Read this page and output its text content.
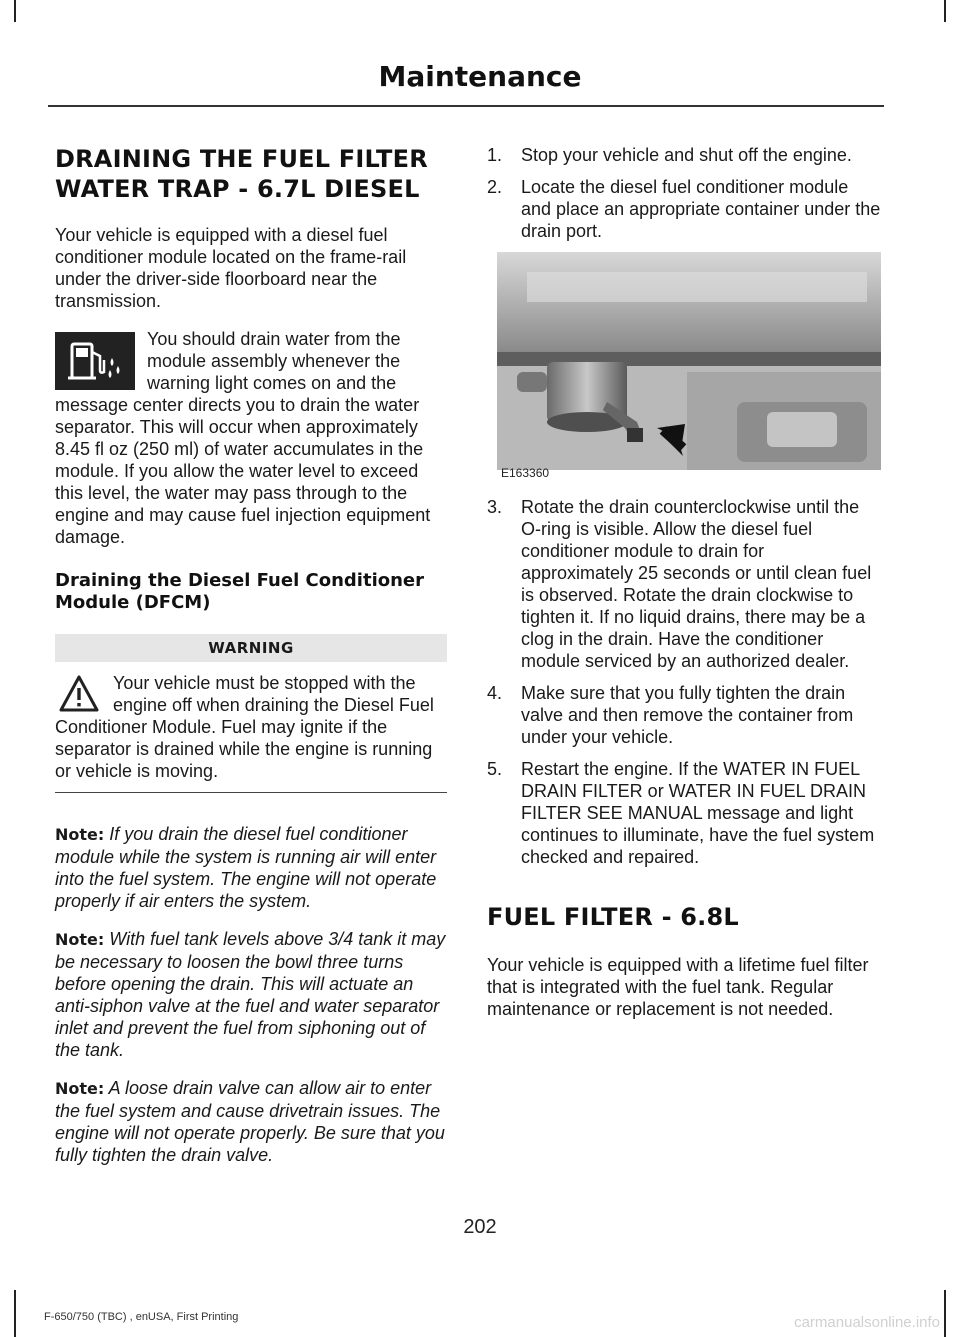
Maintenance
DRAINING THE FUEL FILTER
WATER TRAP - 6.7L DIESEL

Your vehicle is equipped with a diesel fuel conditioner module located on the frame-rail under the driver-side floorboard near the transmission.

You should drain water from the module assembly whenever the warning light comes on and the message center directs you to drain the water separator. This will occur when approximately 8.45 fl oz (250 ml) of water accumulates in the module. If you allow the water level to exceed this level, the water may pass through to the engine and may cause fuel injection equipment damage.

Draining the Diesel Fuel Conditioner Module (DFCM)
WARNING

Your vehicle must be stopped with the engine off when draining the Diesel Fuel Conditioner Module. Fuel may ignite if the separator is drained while the engine is running or vehicle is moving.

Note: If you drain the diesel fuel conditioner module while the system is running air will enter into the fuel system. The engine will not operate properly if air enters the system.

Note: With fuel tank levels above 3/4 tank it may be necessary to loosen the bowl three turns before opening the drain. This will actuate an anti-siphon valve at the fuel and water separator inlet and prevent the fuel from siphoning out of the tank.

Note: A loose drain valve can allow air to enter the fuel system and cause drivetrain issues. The engine will not operate properly. Be sure that you fully tighten the drain valve.

1. Stop your vehicle and shut off the engine.
2. Locate the diesel fuel conditioner module and place an appropriate container under the drain port.
E163360
3. Rotate the drain counterclockwise until the O-ring is visible. Allow the diesel fuel conditioner module to drain for approximately 25 seconds or until clean fuel is observed. Rotate the drain clockwise to tighten it. If no liquid drains, there may be a clog in the drain. Have the conditioner module serviced by an authorized dealer.
4. Make sure that you fully tighten the drain valve and then remove the container from under your vehicle.
5. Restart the engine. If the WATER IN FUEL DRAIN FILTER or WATER IN FUEL DRAIN FILTER SEE MANUAL message and light continues to illuminate, have the fuel system checked and repaired.
FUEL FILTER - 6.8L

Your vehicle is equipped with a lifetime fuel filter that is integrated with the fuel tank. Regular maintenance or replacement is not needed.

202
F-650/750 (TBC) , enUSA, First Printing	carmanualsonline.info
